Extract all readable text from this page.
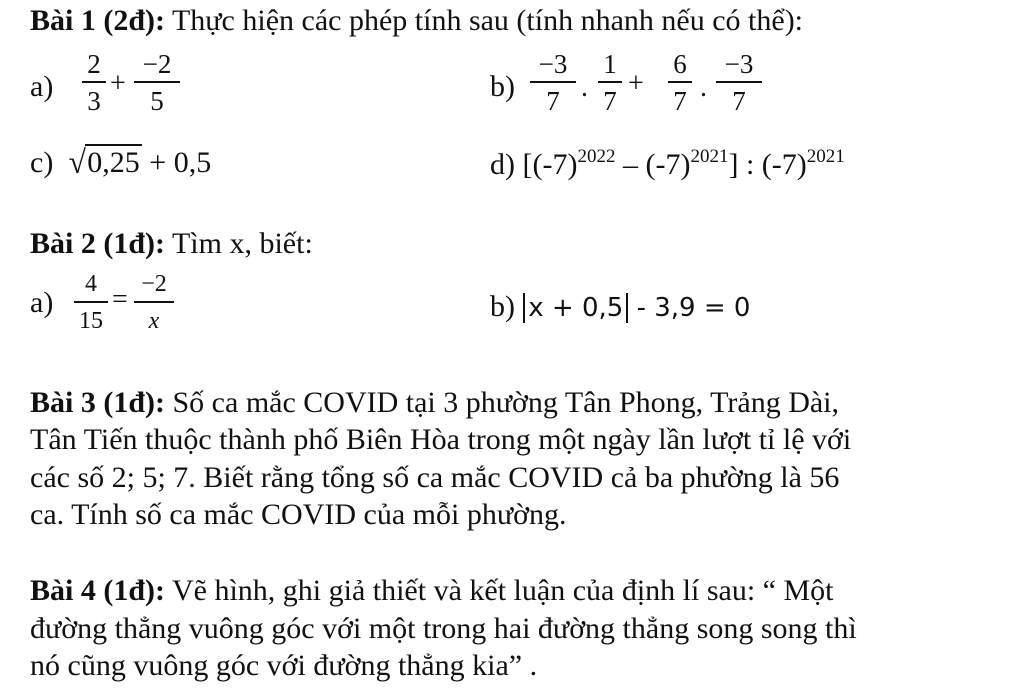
Bài 1 (2đ): Thực hiện các phép tính sau (tính nhanh nếu có thể):
a)
2
3
+
−2
5	b)
−3
7 .
1
7
+
6
7 .
−3
7
c) √0,25 + 0,5	d) $[(-7)^{2022} - (-7)^{2021}]$ : $(-7)^{2021}$
Bài 2 (1đ): Tìm x, biết:
a)
4
15
= −2
x	b) x + 0,5 - 3,9 = 0
Bài 3 (1đ): Số ca mắc COVID tại 3 phường Tân Phong, Trảng Dài,
Tân Tiến thuộc thành phố Biên Hòa trong một ngày lần lượt tỉ lệ với
các số 2; 5; 7. Biết rằng tổng số ca mắc COVID cả ba phường là 56
ca. Tính số ca mắc COVID của mỗi phường.
Bài 4 (1đ): Vẽ hình, ghi giả thiết và kết luận của định lí sau: “ Một
đường thẳng vuông góc với một trong hai đường thẳng song song thì
nó cũng vuông góc với đường thẳng kia” .
